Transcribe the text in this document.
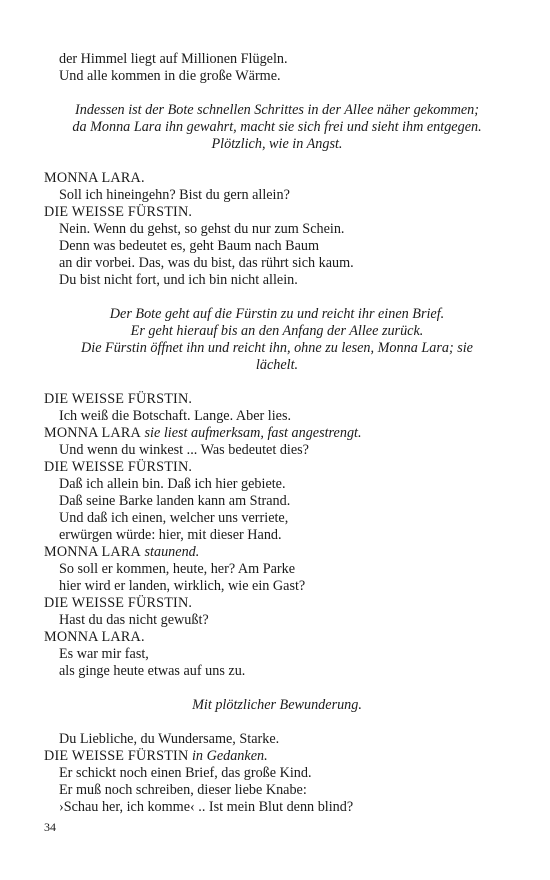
der Himmel liegt auf Millionen Flügeln.
Und alle kommen in die große Wärme.
Indessen ist der Bote schnellen Schrittes in der Allee näher gekommen;
da Monna Lara ihn gewahrt, macht sie sich frei und sieht ihm entgegen.
Plötzlich, wie in Angst.
MONNA LARA.
Soll ich hineingehn? Bist du gern allein?
DIE WEISSE FÜRSTIN.
Nein. Wenn du gehst, so gehst du nur zum Schein.
Denn was bedeutet es, geht Baum nach Baum
an dir vorbei. Das, was du bist, das rührt sich kaum.
Du bist nicht fort, und ich bin nicht allein.
Der Bote geht auf die Fürstin zu und reicht ihr einen Brief.
Er geht hierauf bis an den Anfang der Allee zurück.
Die Fürstin öffnet ihn und reicht ihn, ohne zu lesen, Monna Lara; sie
lächelt.
DIE WEISSE FÜRSTIN.
Ich weiß die Botschaft. Lange. Aber lies.
MONNA LARA sie liest aufmerksam, fast angestrengt.
Und wenn du winkest ... Was bedeutet dies?
DIE WEISSE FÜRSTIN.
Daß ich allein bin. Daß ich hier gebiete.
Daß seine Barke landen kann am Strand.
Und daß ich einen, welcher uns verriete,
erwürgen würde: hier, mit dieser Hand.
MONNA LARA staunend.
So soll er kommen, heute, her? Am Parke
hier wird er landen, wirklich, wie ein Gast?
DIE WEISSE FÜRSTIN.
Hast du das nicht gewußt?
MONNA LARA.
Es war mir fast,
als ginge heute etwas auf uns zu.
Mit plötzlicher Bewunderung.
Du Liebliche, du Wundersame, Starke.
DIE WEISSE FÜRSTIN in Gedanken.
Er schickt noch einen Brief, das große Kind.
Er muß noch schreiben, dieser liebe Knabe:
›Schau her, ich komme‹ .. Ist mein Blut denn blind?
34
